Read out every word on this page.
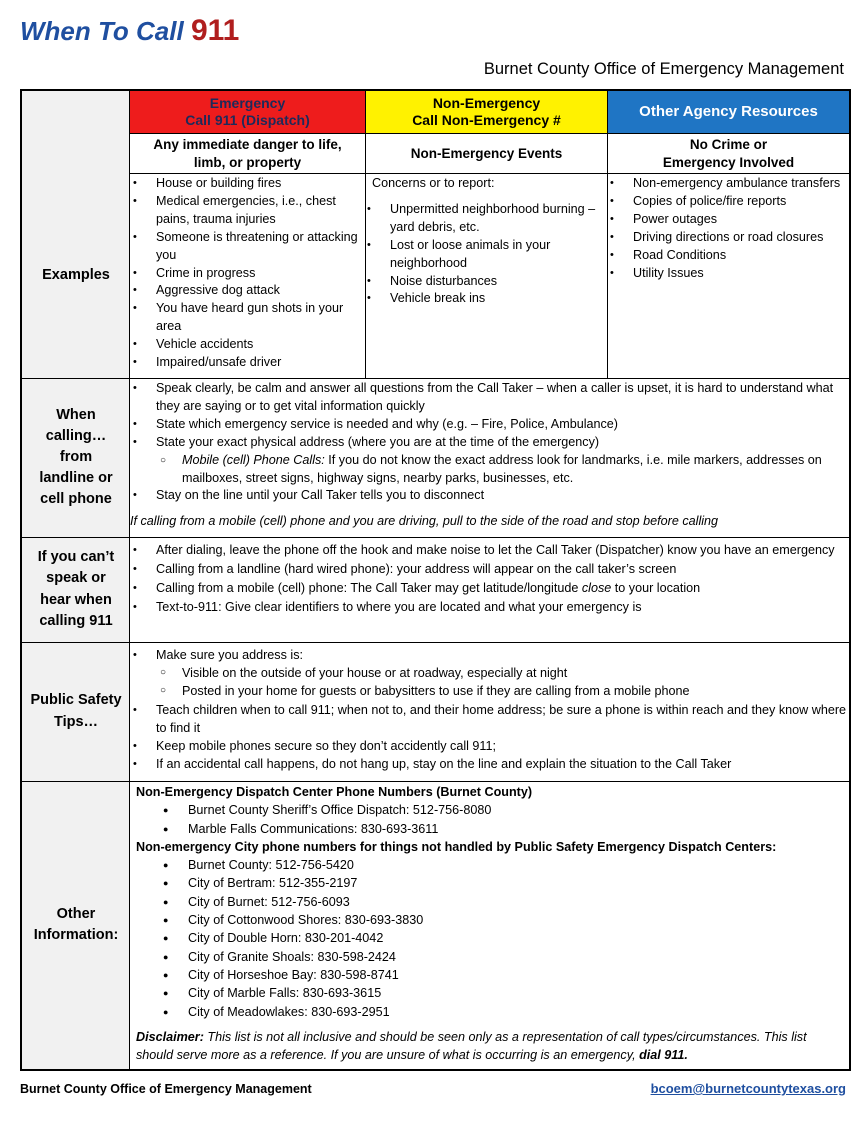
When To Call 911
Burnet County Office of Emergency Management
Emergency
Call 911 (Dispatch)
Non-Emergency
Call Non-Emergency #
Other Agency Resources
Any immediate danger to life,
limb, or property
Non-Emergency Events
No Crime or
Emergency Involved
Examples
When
calling…
from
landline or
cell phone
If you can’t
speak or
hear when
calling 911
Public Safety
Tips…
Other
Information:
• House or building fires
• Medical emergencies, i.e., chest pains, trauma injuries
• Someone is threatening or attacking you
• Crime in progress
• Aggressive dog attack
• You have heard gun shots in your area
• Vehicle accidents
• Impaired/unsafe driver
Concerns or to report:
• Unpermitted neighborhood burning – yard debris, etc.
• Lost or loose animals in your neighborhood
• Noise disturbances
• Vehicle break ins
• Non-emergency ambulance transfers
• Copies of police/fire reports
• Power outages
• Driving directions or road closures
• Road Conditions
• Utility Issues
• Speak clearly, be calm and answer all questions from the Call Taker – when a caller is upset, it is hard to understand what they are saying or to get vital information quickly
• State which emergency service is needed and why (e.g. – Fire, Police, Ambulance)
• State your exact physical address (where you are at the time of the emergency)
○ Mobile (cell) Phone Calls: If you do not know the exact address look for landmarks, i.e. mile markers, addresses on mailboxes, street signs, highway signs, nearby parks, businesses, etc.
• Stay on the line until your Call Taker tells you to disconnect
If calling from a mobile (cell) phone and you are driving, pull to the side of the road and stop before calling
• After dialing, leave the phone off the hook and make noise to let the Call Taker (Dispatcher) know you have an emergency
• Calling from a landline (hard wired phone): your address will appear on the call taker’s screen
• Calling from a mobile (cell) phone: The Call Taker may get latitude/longitude close to your location
• Text-to-911: Give clear identifiers to where you are located and what your emergency is
• Make sure you address is:
○ Visible on the outside of your house or at roadway, especially at night
○ Posted in your home for guests or babysitters to use if they are calling from a mobile phone
• Teach children when to call 911; when not to, and their home address; be sure a phone is within reach and they know where to find it
• Keep mobile phones secure so they don’t accidently call 911;
• If an accidental call happens, do not hang up, stay on the line and explain the situation to the Call Taker
Non-Emergency Dispatch Center Phone Numbers (Burnet County)
● Burnet County Sheriff’s Office Dispatch: 512-756-8080
● Marble Falls Communications: 830-693-3611
Non-emergency City phone numbers for things not handled by Public Safety Emergency Dispatch Centers:
● Burnet County: 512-756-5420
● City of Bertram: 512-355-2197
● City of Burnet: 512-756-6093
● City of Cottonwood Shores: 830-693-3830
● City of Double Horn: 830-201-4042
● City of Granite Shoals: 830-598-2424
● City of Horseshoe Bay: 830-598-8741
● City of Marble Falls: 830-693-3615
● City of Meadowlakes: 830-693-2951
Disclaimer: This list is not all inclusive and should be seen only as a representation of call types/circumstances. This list should serve more as a reference. If you are unsure of what is occurring is an emergency, dial 911.
Burnet County Office of Emergency Management	bcoem@burnetcountytexas.org
